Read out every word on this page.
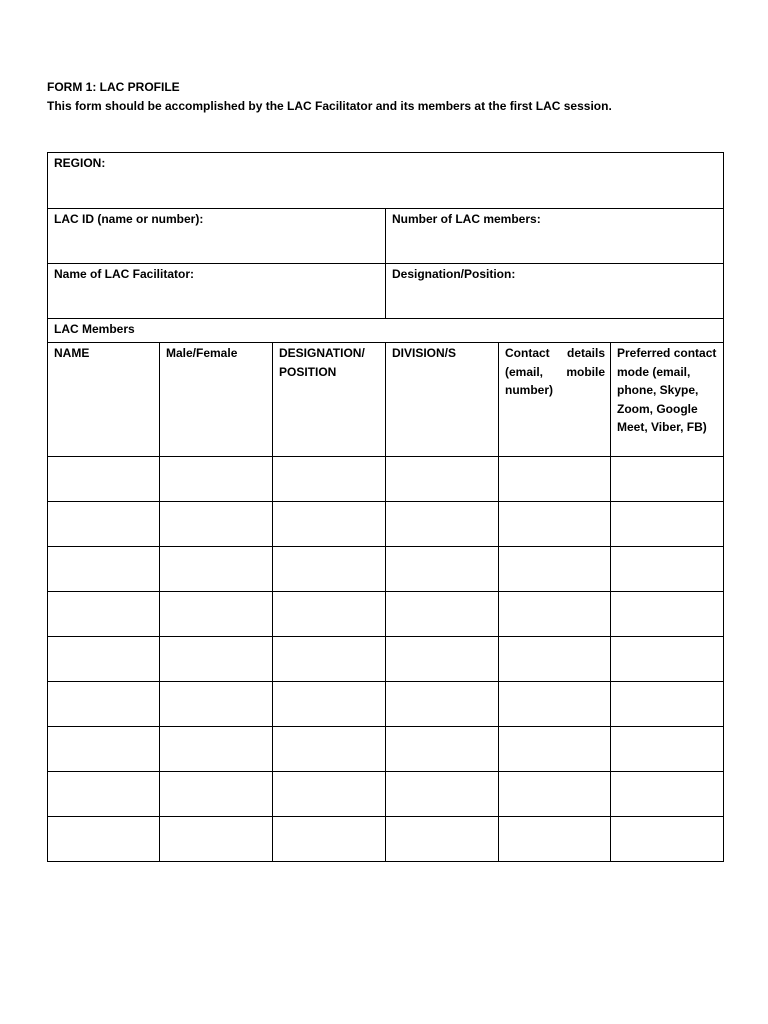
FORM 1: LAC PROFILE
This form should be accomplished by the LAC Facilitator and its members at the first LAC session.
REGION:					

LAC ID (name or number):			Number of LAC members:		

Name of LAC Facilitator:			Designation/Position:		

LAC Members					

NAME	Male/Female	DESIGNATION/ POSITION	DIVISION/S	Contact details (email, mobile number)	Preferred contact mode (email, phone, Skype, Zoom, Google Meet, Viber, FB)
